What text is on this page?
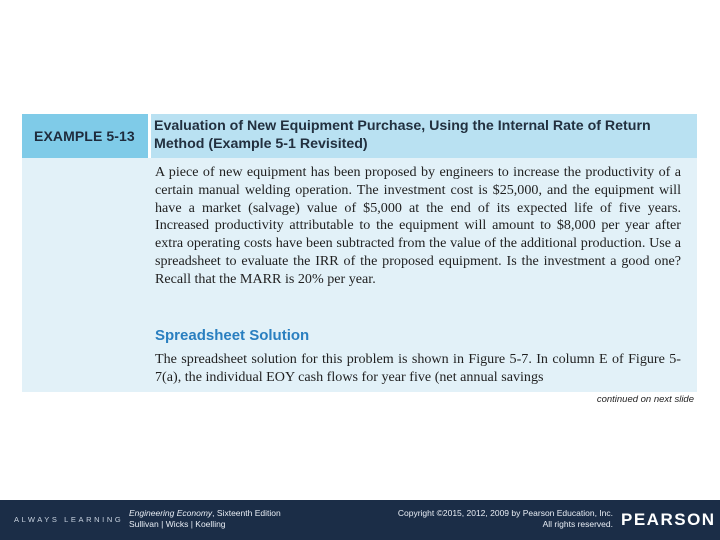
EXAMPLE 5-13
Evaluation of New Equipment Purchase, Using the Internal Rate of Return Method (Example 5-1 Revisited)

A piece of new equipment has been proposed by engineers to increase the productivity of a certain manual welding operation. The investment cost is $25,000, and the equipment will have a market (salvage) value of $5,000 at the end of its expected life of five years. Increased productivity attributable to the equipment will amount to $8,000 per year after extra operating costs have been subtracted from the value of the additional production. Use a spreadsheet to evaluate the IRR of the proposed equipment. Is the investment a good one? Recall that the MARR is 20% per year.

Spreadsheet Solution

The spreadsheet solution for this problem is shown in Figure 5-7. In column E of Figure 5-7(a), the individual EOY cash flows for year five (net annual savings

continued on next slide
ALWAYS LEARNING
Engineering Economy, Sixteenth Edition
Sullivan | Wicks | Koelling
Copyright ©2015, 2012, 2009 by Pearson Education, Inc.
All rights reserved. PEARSON
